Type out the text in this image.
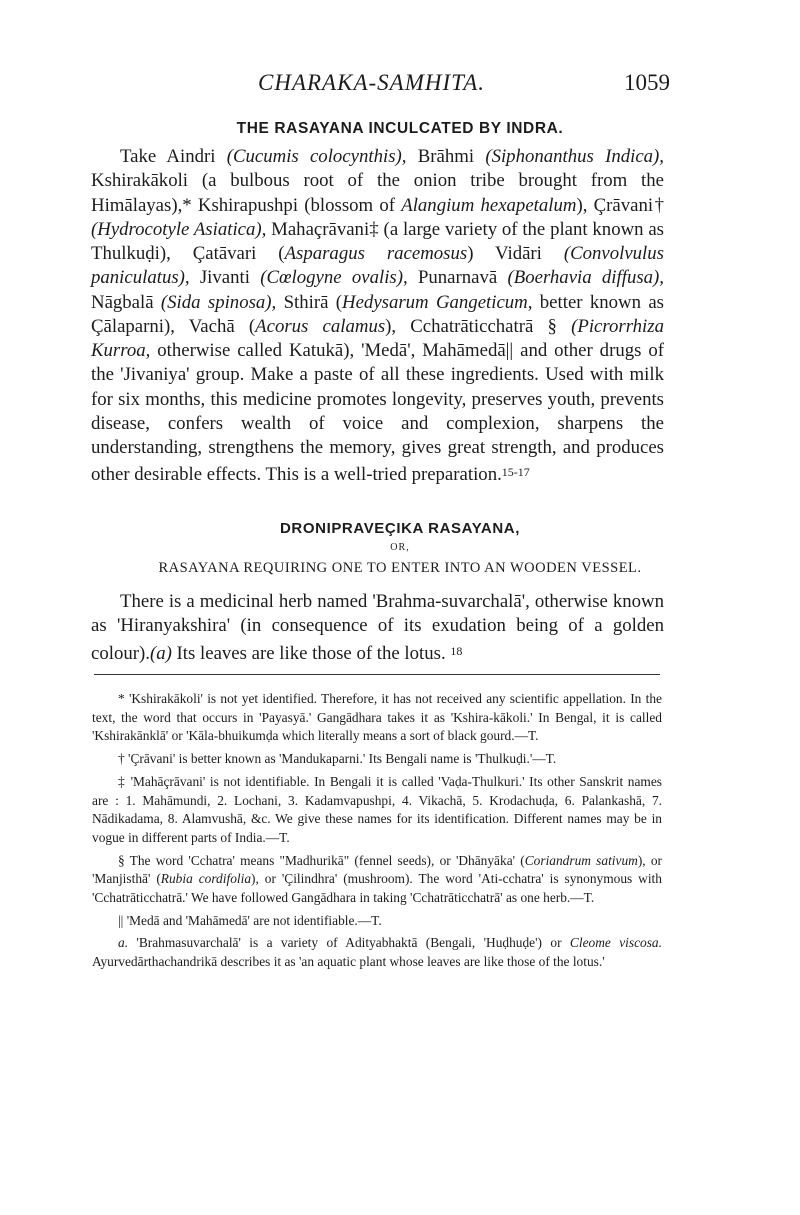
CHARAKA-SAMHITA.	1059
THE RASAYANA INCULCATED BY INDRA.

Take Aindri (Cucumis colocynthis), Brāhmi (Siphonanthus Indica), Kshirakākoli (a bulbous root of the onion tribe brought from the Himālayas),* Kshirapushpi (blossom of Alangium hexapetalum), Çrāvani† (Hydrocotyle Asiatica), Mahaçrāvani‡ (a large variety of the plant known as Thulkuḍi), Çatāvari (Asparagus racemosus) Vidāri (Convolvulus paniculatus), Jivanti (Cœlogyne ovalis), Punarnavā (Boerhavia diffusa), Nāgbalā (Sida spinosa), Sthirā (Hedysarum Gangeticum, better known as Çālaparni), Vachā (Acorus calamus), Cchatrāticchatrā § (Picrorrhiza Kurroa, otherwise called Katukā), 'Medā', Mahāmedā|| and other drugs of the 'Jivaniya' group. Make a paste of all these ingredients. Used with milk for six months, this medicine promotes longevity, preserves youth, prevents disease, confers wealth of voice and complexion, sharpens the understanding, strengthens the memory, gives great strength, and produces other desirable effects. This is a well-tried preparation.$^{15-17}$

DRONIPRAVEÇIKA RASAYANA,
OR,
RASAYANA REQUIRING ONE TO ENTER INTO AN WOODEN VESSEL.

There is a medicinal herb named 'Brahma-suvarchalā', otherwise known as 'Hiranyakshira' (in consequence of its exudation being of a golden colour).(a) Its leaves are like those of the lotus. $^{18}$

* 'Kshirakākoli' is not yet identified. Therefore, it has not received any scientific appellation. In the text, the word that occurs in 'Payasyā.' Gangādhara takes it as 'Kshira-kākoli.' In Bengal, it is called 'Kshirakānklā' or 'Kāla-bhuikumḍa which literally means a sort of black gourd.—T.

† 'Çrāvani' is better known as 'Mandukaparni.' Its Bengali name is 'Thulkuḍi.'—T.

‡ 'Mahāçrāvani' is not identifiable. In Bengali it is called 'Vaḍa-Thulkuri.' Its other Sanskrit names are : 1. Mahāmundi, 2. Lochani, 3. Kadamvapushpi, 4. Vikachā, 5. Krodachuḍa, 6. Palankashā, 7. Nādikadama, 8. Alamvushā, &c. We give these names for its identification. Different names may be in vogue in different parts of India.—T.

§ The word 'Cchatra' means "Madhurikā" (fennel seeds), or 'Dhānyāka' (Coriandrum sativum), or 'Manjisthā' (Rubia cordifolia), or 'Çilindhra' (mushroom). The word 'Ati-cchatra' is synonymous with 'Cchatrāticchatrā.' We have followed Gangādhara in taking 'Cchatrāticchatrā' as one herb.—T.

|| 'Medā and 'Mahāmedā' are not identifiable.—T.

a. 'Brahmasuvarchalā' is a variety of Adityabhaktā (Bengali, 'Huḍhuḍe') or Cleome viscosa. Ayurvedārthachandrikā describes it as 'an aquatic plant whose leaves are like those of the lotus.'
